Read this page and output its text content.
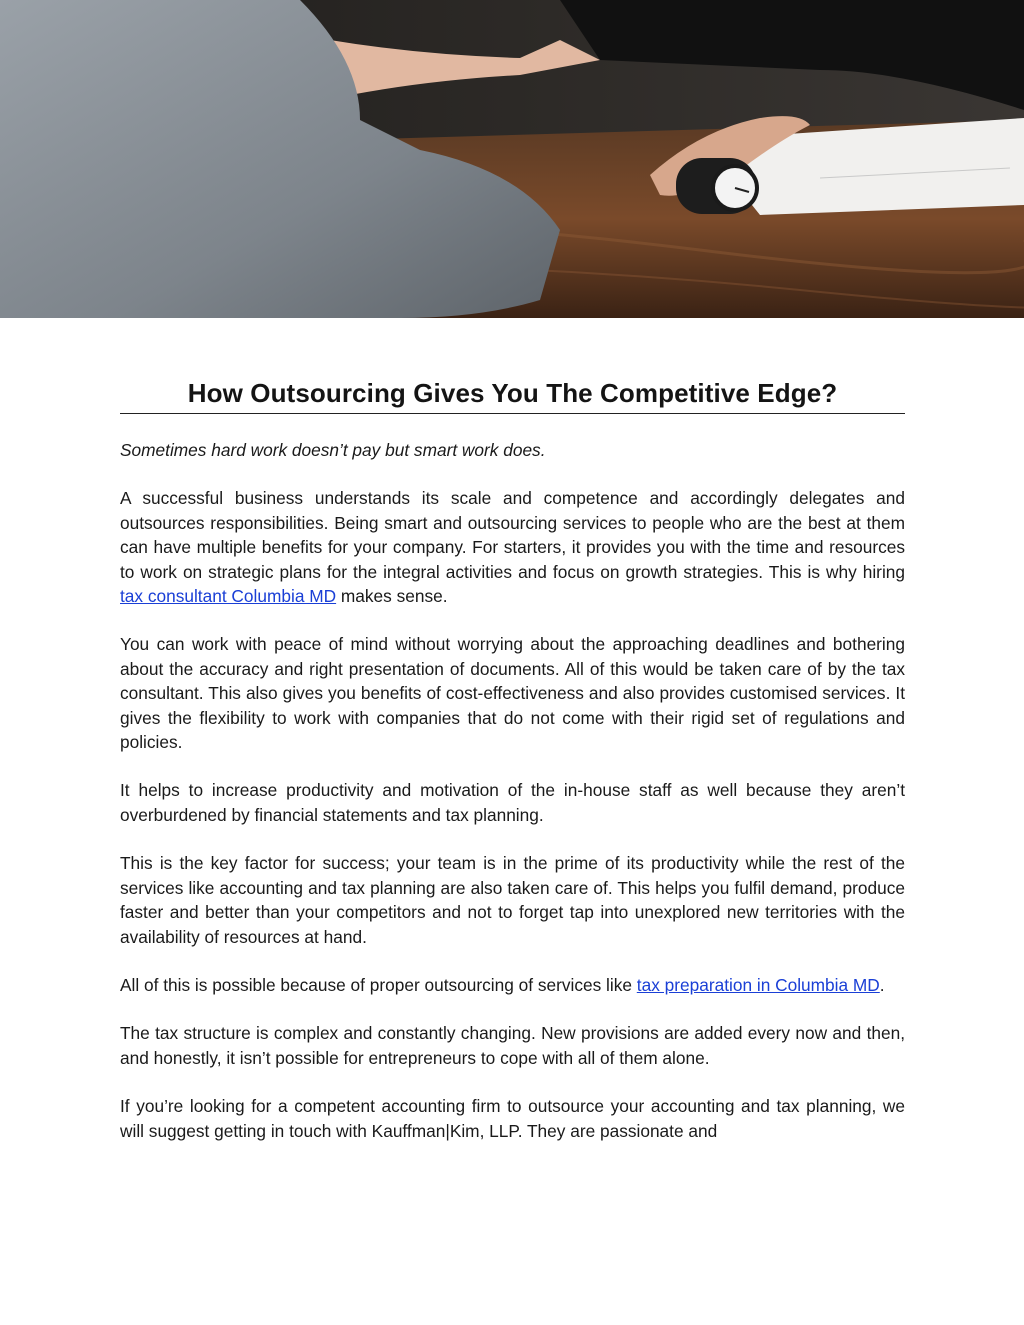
How Outsourcing Gives You The Competitive Edge?

Sometimes hard work doesn’t pay but smart work does.

A successful business understands its scale and competence and accordingly delegates and outsources responsibilities. Being smart and outsourcing services to people who are the best at them can have multiple benefits for your company. For starters, it provides you with the time and resources to work on strategic plans for the integral activities and focus on growth strategies. This is why hiring tax consultant Columbia MD makes sense.

You can work with peace of mind without worrying about the approaching deadlines and bothering about the accuracy and right presentation of documents. All of this would be taken care of by the tax consultant. This also gives you benefits of cost-effectiveness and also provides customised services. It gives the flexibility to work with companies that do not come with their rigid set of regulations and policies.

It helps to increase productivity and motivation of the in-house staff as well because they aren’t overburdened by financial statements and tax planning.

This is the key factor for success; your team is in the prime of its productivity while the rest of the services like accounting and tax planning are also taken care of. This helps you fulfil demand, produce faster and better than your competitors and not to forget tap into unexplored new territories with the availability of resources at hand.

All of this is possible because of proper outsourcing of services like tax preparation in Columbia MD.

The tax structure is complex and constantly changing. New provisions are added every now and then, and honestly, it isn’t possible for entrepreneurs to cope with all of them alone.

If you’re looking for a competent accounting firm to outsource your accounting and tax planning, we will suggest getting in touch with Kauffman|Kim, LLP. They are passionate and
